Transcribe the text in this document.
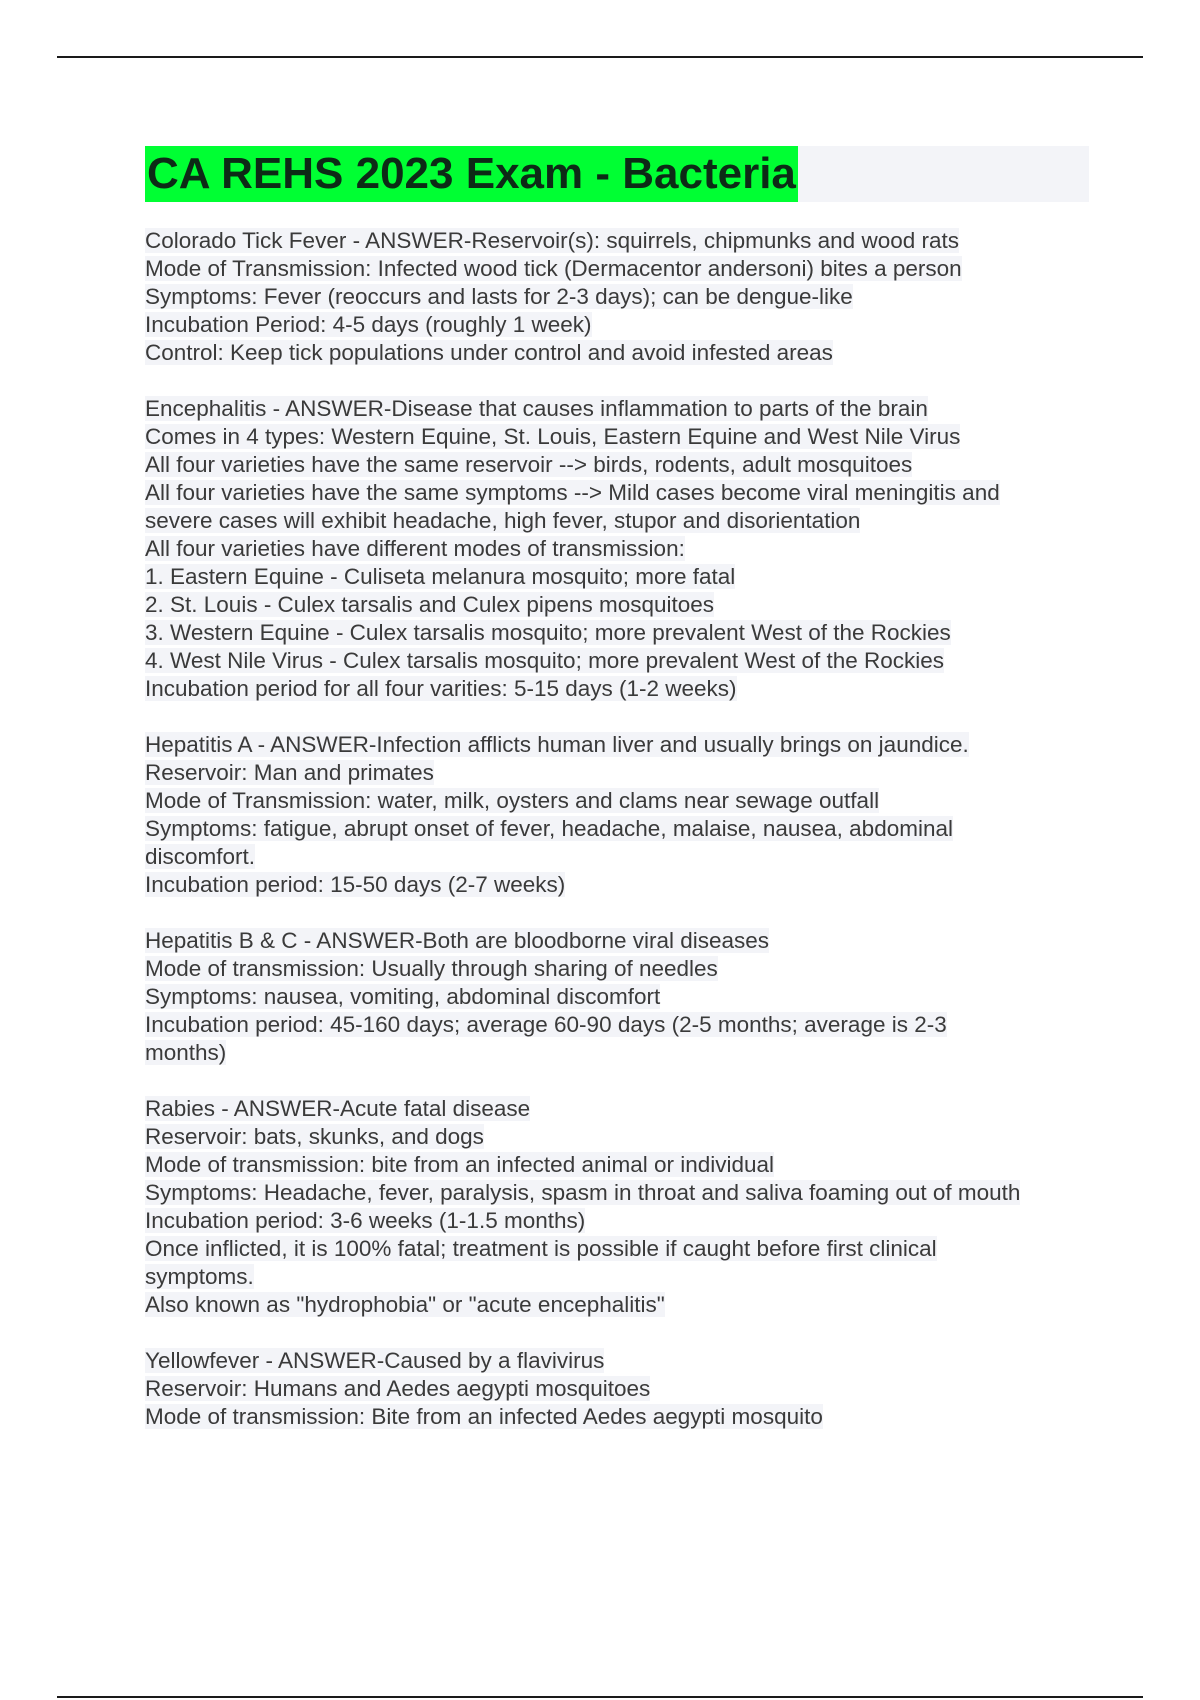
CA REHS 2023 Exam - Bacteria
Colorado Tick Fever - ANSWER-Reservoir(s): squirrels, chipmunks and wood rats
Mode of Transmission: Infected wood tick (Dermacentor andersoni) bites a person
Symptoms: Fever (reoccurs and lasts for 2-3 days); can be dengue-like
Incubation Period: 4-5 days (roughly 1 week)
Control: Keep tick populations under control and avoid infested areas
Encephalitis - ANSWER-Disease that causes inflammation to parts of the brain
Comes in 4 types: Western Equine, St. Louis, Eastern Equine and West Nile Virus
All four varieties have the same reservoir --> birds, rodents, adult mosquitoes
All four varieties have the same symptoms --> Mild cases become viral meningitis and
severe cases will exhibit headache, high fever, stupor and disorientation
All four varieties have different modes of transmission:
1. Eastern Equine - Culiseta melanura mosquito; more fatal
2. St. Louis - Culex tarsalis and Culex pipens mosquitoes
3. Western Equine - Culex tarsalis mosquito; more prevalent West of the Rockies
4. West Nile Virus - Culex tarsalis mosquito; more prevalent West of the Rockies
Incubation period for all four varities: 5-15 days (1-2 weeks)
Hepatitis A - ANSWER-Infection afflicts human liver and usually brings on jaundice.
Reservoir: Man and primates
Mode of Transmission: water, milk, oysters and clams near sewage outfall
Symptoms: fatigue, abrupt onset of fever, headache, malaise, nausea, abdominal
discomfort.
Incubation period: 15-50 days (2-7 weeks)
Hepatitis B & C - ANSWER-Both are bloodborne viral diseases
Mode of transmission: Usually through sharing of needles
Symptoms: nausea, vomiting, abdominal discomfort
Incubation period: 45-160 days; average 60-90 days (2-5 months; average is 2-3
months)
Rabies - ANSWER-Acute fatal disease
Reservoir: bats, skunks, and dogs
Mode of transmission: bite from an infected animal or individual
Symptoms: Headache, fever, paralysis, spasm in throat and saliva foaming out of mouth
Incubation period: 3-6 weeks (1-1.5 months)
Once inflicted, it is 100% fatal; treatment is possible if caught before first clinical
symptoms.
Also known as "hydrophobia" or "acute encephalitis"
Yellowfever - ANSWER-Caused by a flavivirus
Reservoir: Humans and Aedes aegypti mosquitoes
Mode of transmission: Bite from an infected Aedes aegypti mosquito
